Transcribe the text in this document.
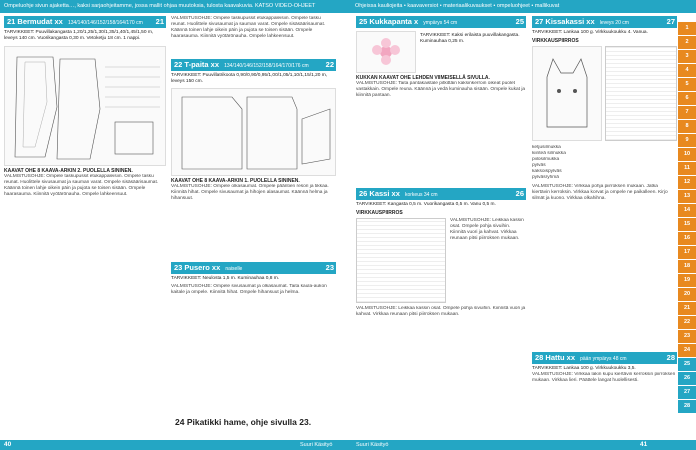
Ompeluohje sivun ajaketta…, kaksi sarjaohjeitamme, jossa mallit ohjaa muutoksia, tulosta kaavakuvia. KATSO VIDEO-OHJEET	Ohjeissa kauliojeita • kaavaversiot • materiaalikuvaukset • ompeluohjeet • mallikuvat
21 Bermudat xx 134/140/146/152/158/164/170 cm 21
TARVIKKEET: Puuvillakangasta 1,20/1,25/1,30/1,35/1,40/1,45/1,50 m, leveys 140 cm. Vuorikangasta 0,30 m. Vetoketju 18 cm. 1 nappi.
KAAVAT OHE 8 KAAVA-ARKIN 2. PUOLELLA SININEN.
VALMISTUSOHJE: Ompele taskupussit etukappaleisiin. Ompele tasku reunat. Huolittele sivusaumat ja sauman varat. Ompele sisäsäärisaumat. Käännä toinen lahje oikein päin ja pujota se toisen sisään. Ompele haarasauma. Kiinnitä vyötärönauha. Ompele lahkeensuut.
VALMISTUSOHJE: Ompele taskupussit etukappaleisiin. Ompele tasku reunat. Huolittele sivusaumat ja sauman varat. Ompele sisäsäärisaumat. Käännä toinen lahje oikein päin ja pujota se toisen sisään. Ompele haarasauma. Kiinnitä vyötärönauha. Ompele lahkeensuut.
22 T-paita xx 134/140/146/152/158/164/170/176 cm 22
TARVIKKEET: Puuvillatrikoota 0,90/0,90/0,95/1,00/1,05/1,10/1,15/1,20 m, leveys 150 cm.
KAAVAT OHE 8 KAAVA-ARKIN 1. PUOLELLA SININEN.
VALMISTUSOHJE: Ompele olkasaumat. Ompele pääntien resori ja tikkaa. Kiinnitä hihat. Ompele sivusaumat ja hihojen alasaumat. Käännä helma ja hihansuut.
23 Pusero xx naiselle	23
TARVIKKEET: Neulosta 1,5 m. Kuminauhaa 0,8 m.
VALMISTUSOHJE: Ompele sivusaumat ja olkasaumat. Taita kaula-aukon kaitale ja ompele. Kiinnitä hihat. Ompele hihansuut ja helma.
24 Pikatikki hame, ohje sivulla 23.
25 Kukkapanta x ympärys 54 cm	25
TARVIKKEET: Kaksi erilaista puuvillakangasta. Kuminauhaa 0,25 m.
KUKKAN KAAVAT OHE LEHDEN VIIMEISELLÄ SIVULLA.
VALMISTUSOHJE: Taita pantakaistale pitkittäin kaksinkerroin oikeat puolet vastakkain. Ompele reuna. Käännä ja vedä kuminauha sisään. Ompele kukat ja kiinnitä pantaan.
26 Kassi xx korkeus 34 cm	26
TARVIKKEET: Kangasta 0,5 m. Vuorikangasta 0,5 m. Vanu 0,5 m.
VIRKKAUSPIIRROS
VALMISTUSOHJE: Leikkaa kassin osat. Ompele pohja sivuihin. Kiinnitä vuori ja kahvat. Virkkaa reunaan pitsi piirroksen mukaan.
VALMISTUSOHJE: Leikkaa kassin osat. Ompele pohja sivuihin. Kiinnitä vuori ja kahvat. Virkkaa reunaan pitsi piirroksen mukaan.
27 Kissakassi xx leveys 20 cm	27
TARVIKKEET: Lankaa 100 g. Virkkuukoukku 4. Vanua.
VIRKKAUSPIIRROS
ketjusilmukka
kiinteä silmukka
piilosilmukka
pylväs
kaksoispylväs
pylväsryhmä
VALMISTUSOHJE: Virkkaa pohja piirroksen mukaan. Jatka kiertävin kerroksin. Virkkaa korvat ja ompele ne paikalleen. Kirjo silmät ja kuono. Virkkaa olkahihna.
28 Hattu xx pään ympärys 48 cm	28
TARVIKKEET: Lankaa 100 g. Virkkuukoukku 3,5.
VALMISTUSOHJE: Virkkaa lakin kupu kiertävin kerroksin piirroksen mukaan. Virkkaa lieri. Päättele langat huolellisesti.
1
2
3
4
5
6
7
8
9
10
11
12
13
14
15
16
17
18
19
20
21
22
23
24
25
26
27
28
40	Suuri Käsityö	Suuri Käsityö	41
